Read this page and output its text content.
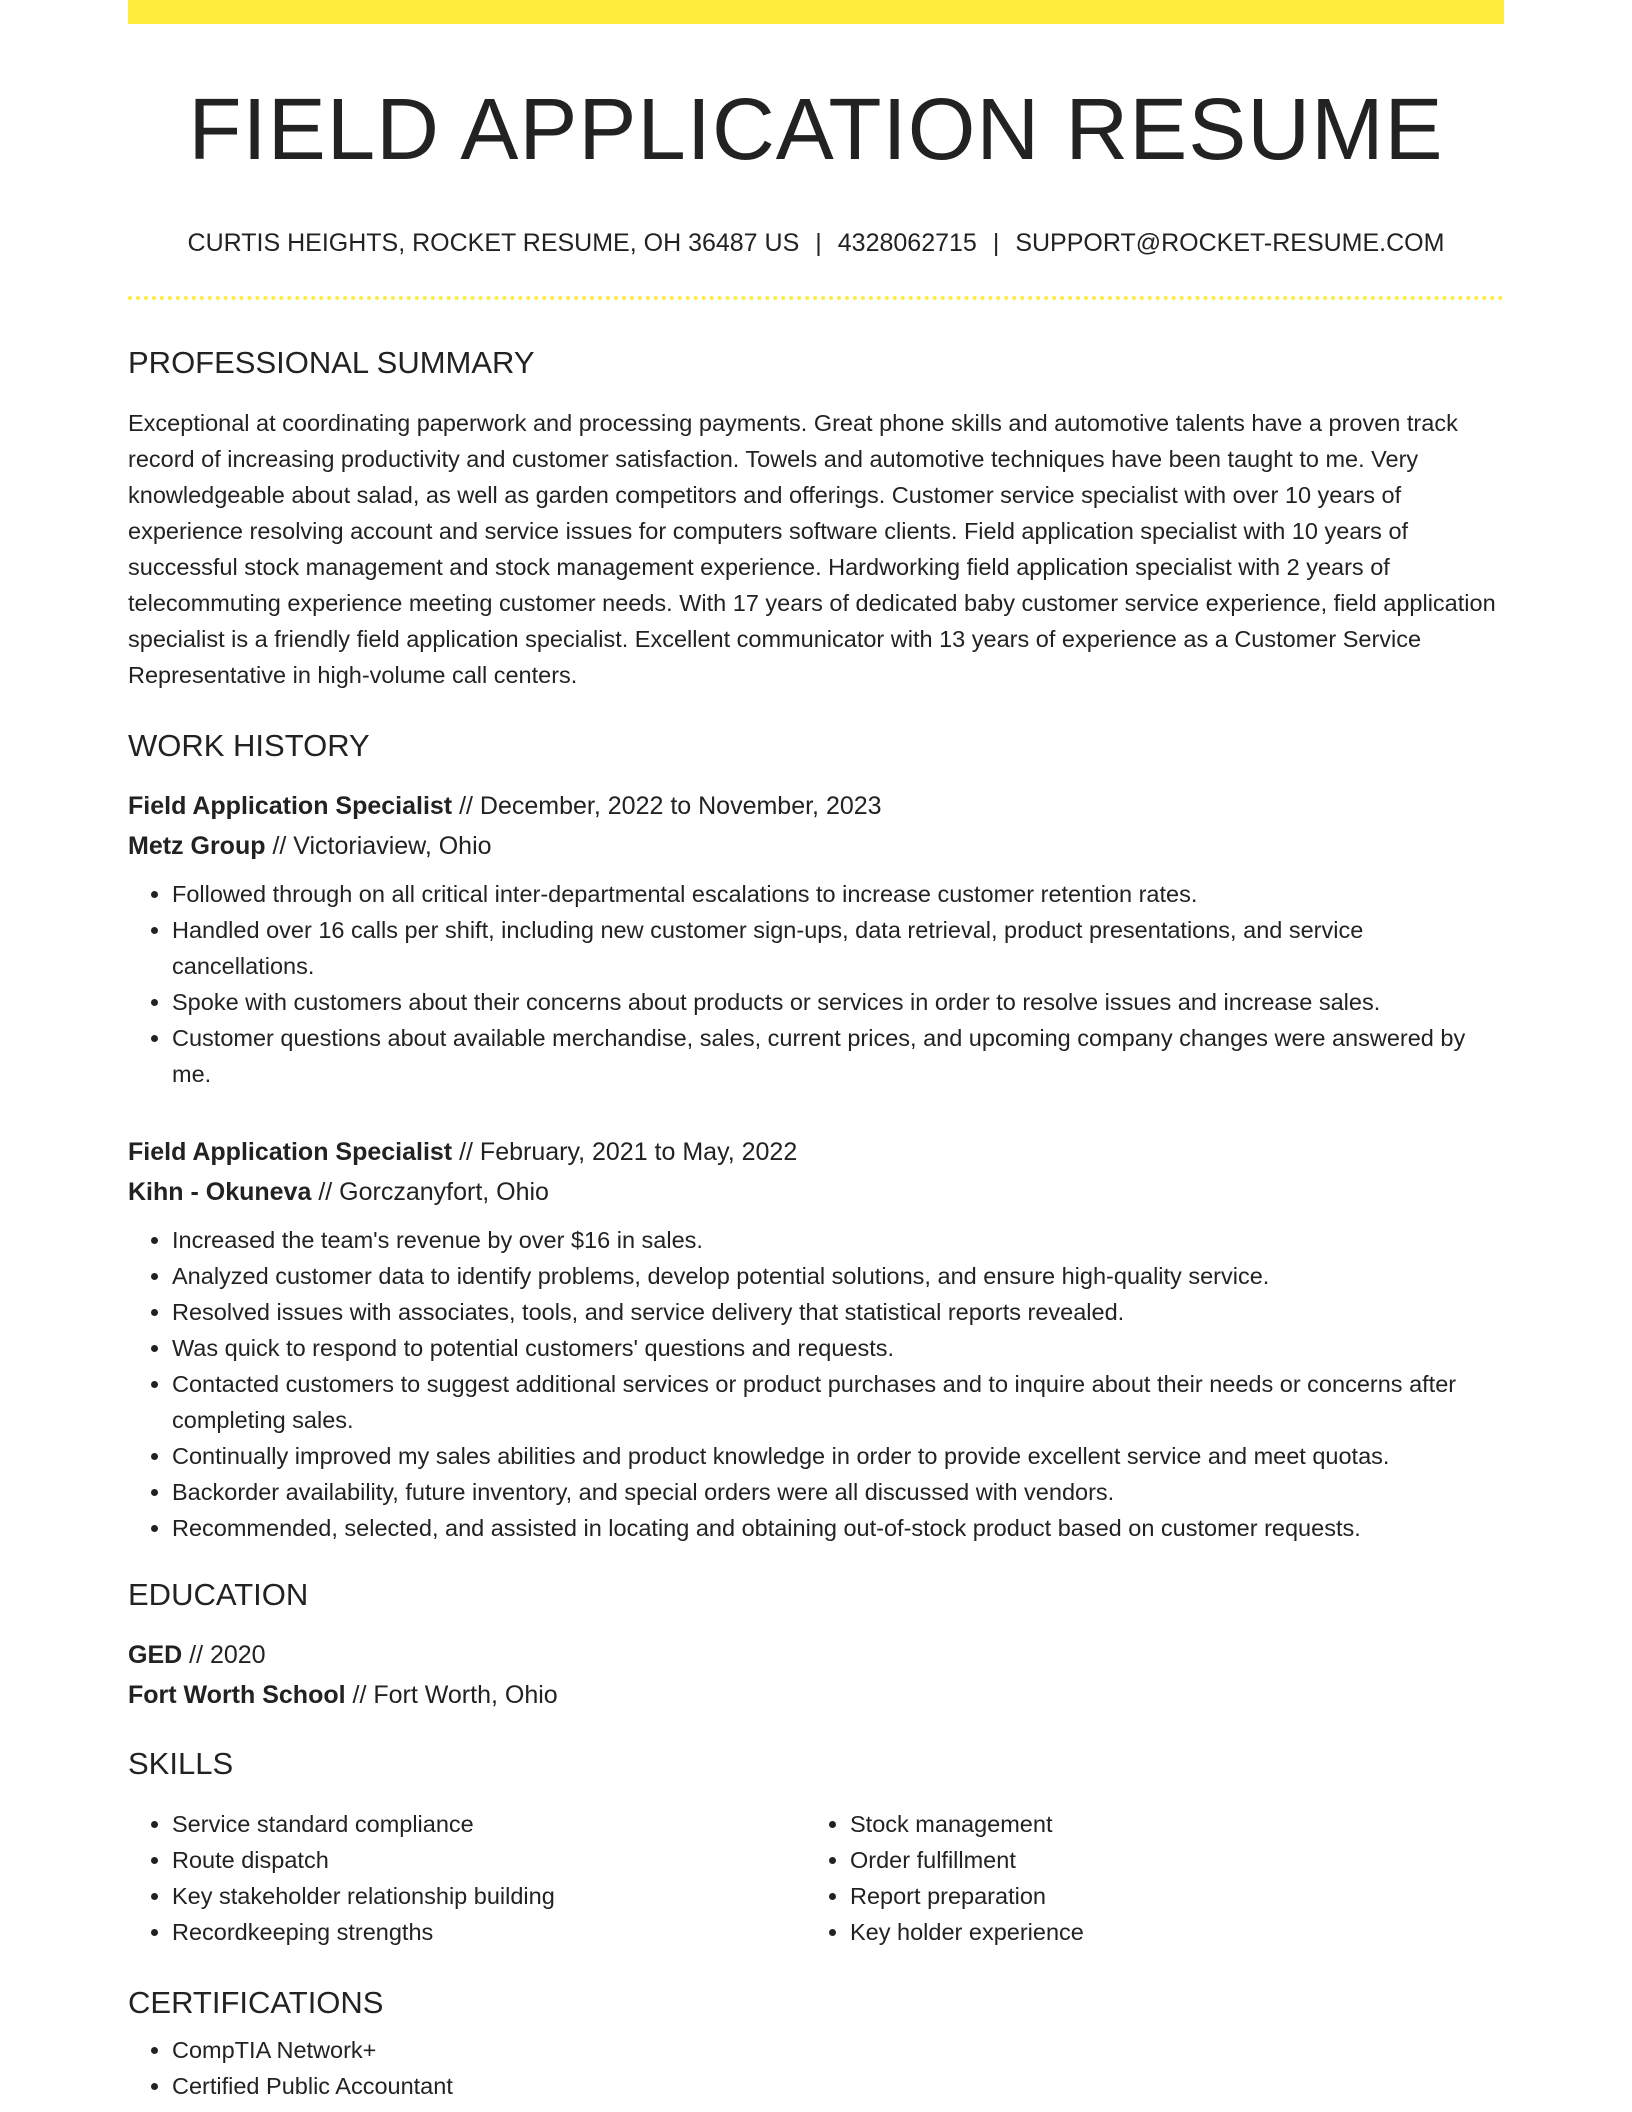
FIELD APPLICATION RESUME
CURTIS HEIGHTS, ROCKET RESUME, OH 36487 US | 4328062715 | SUPPORT@ROCKET-RESUME.COM
PROFESSIONAL SUMMARY
Exceptional at coordinating paperwork and processing payments. Great phone skills and automotive talents have a proven track record of increasing productivity and customer satisfaction. Towels and automotive techniques have been taught to me. Very knowledgeable about salad, as well as garden competitors and offerings. Customer service specialist with over 10 years of experience resolving account and service issues for computers software clients. Field application specialist with 10 years of successful stock management and stock management experience. Hardworking field application specialist with 2 years of telecommuting experience meeting customer needs. With 17 years of dedicated baby customer service experience, field application specialist is a friendly field application specialist. Excellent communicator with 13 years of experience as a Customer Service Representative in high-volume call centers.
WORK HISTORY
Field Application Specialist // December, 2022 to November, 2023
Metz Group // Victoriaview, Ohio
• Followed through on all critical inter-departmental escalations to increase customer retention rates.
• Handled over 16 calls per shift, including new customer sign-ups, data retrieval, product presentations, and service cancellations.
• Spoke with customers about their concerns about products or services in order to resolve issues and increase sales.
• Customer questions about available merchandise, sales, current prices, and upcoming company changes were answered by me.
Field Application Specialist // February, 2021 to May, 2022
Kihn - Okuneva // Gorczanyfort, Ohio
• Increased the team's revenue by over $16 in sales.
• Analyzed customer data to identify problems, develop potential solutions, and ensure high-quality service.
• Resolved issues with associates, tools, and service delivery that statistical reports revealed.
• Was quick to respond to potential customers' questions and requests.
• Contacted customers to suggest additional services or product purchases and to inquire about their needs or concerns after completing sales.
• Continually improved my sales abilities and product knowledge in order to provide excellent service and meet quotas.
• Backorder availability, future inventory, and special orders were all discussed with vendors.
• Recommended, selected, and assisted in locating and obtaining out-of-stock product based on customer requests.
EDUCATION
GED // 2020
Fort Worth School // Fort Worth, Ohio
SKILLS
• Service standard compliance
• Route dispatch
• Key stakeholder relationship building
• Recordkeeping strengths
• Stock management
• Order fulfillment
• Report preparation
• Key holder experience
CERTIFICATIONS
• CompTIA Network+
• Certified Public Accountant
